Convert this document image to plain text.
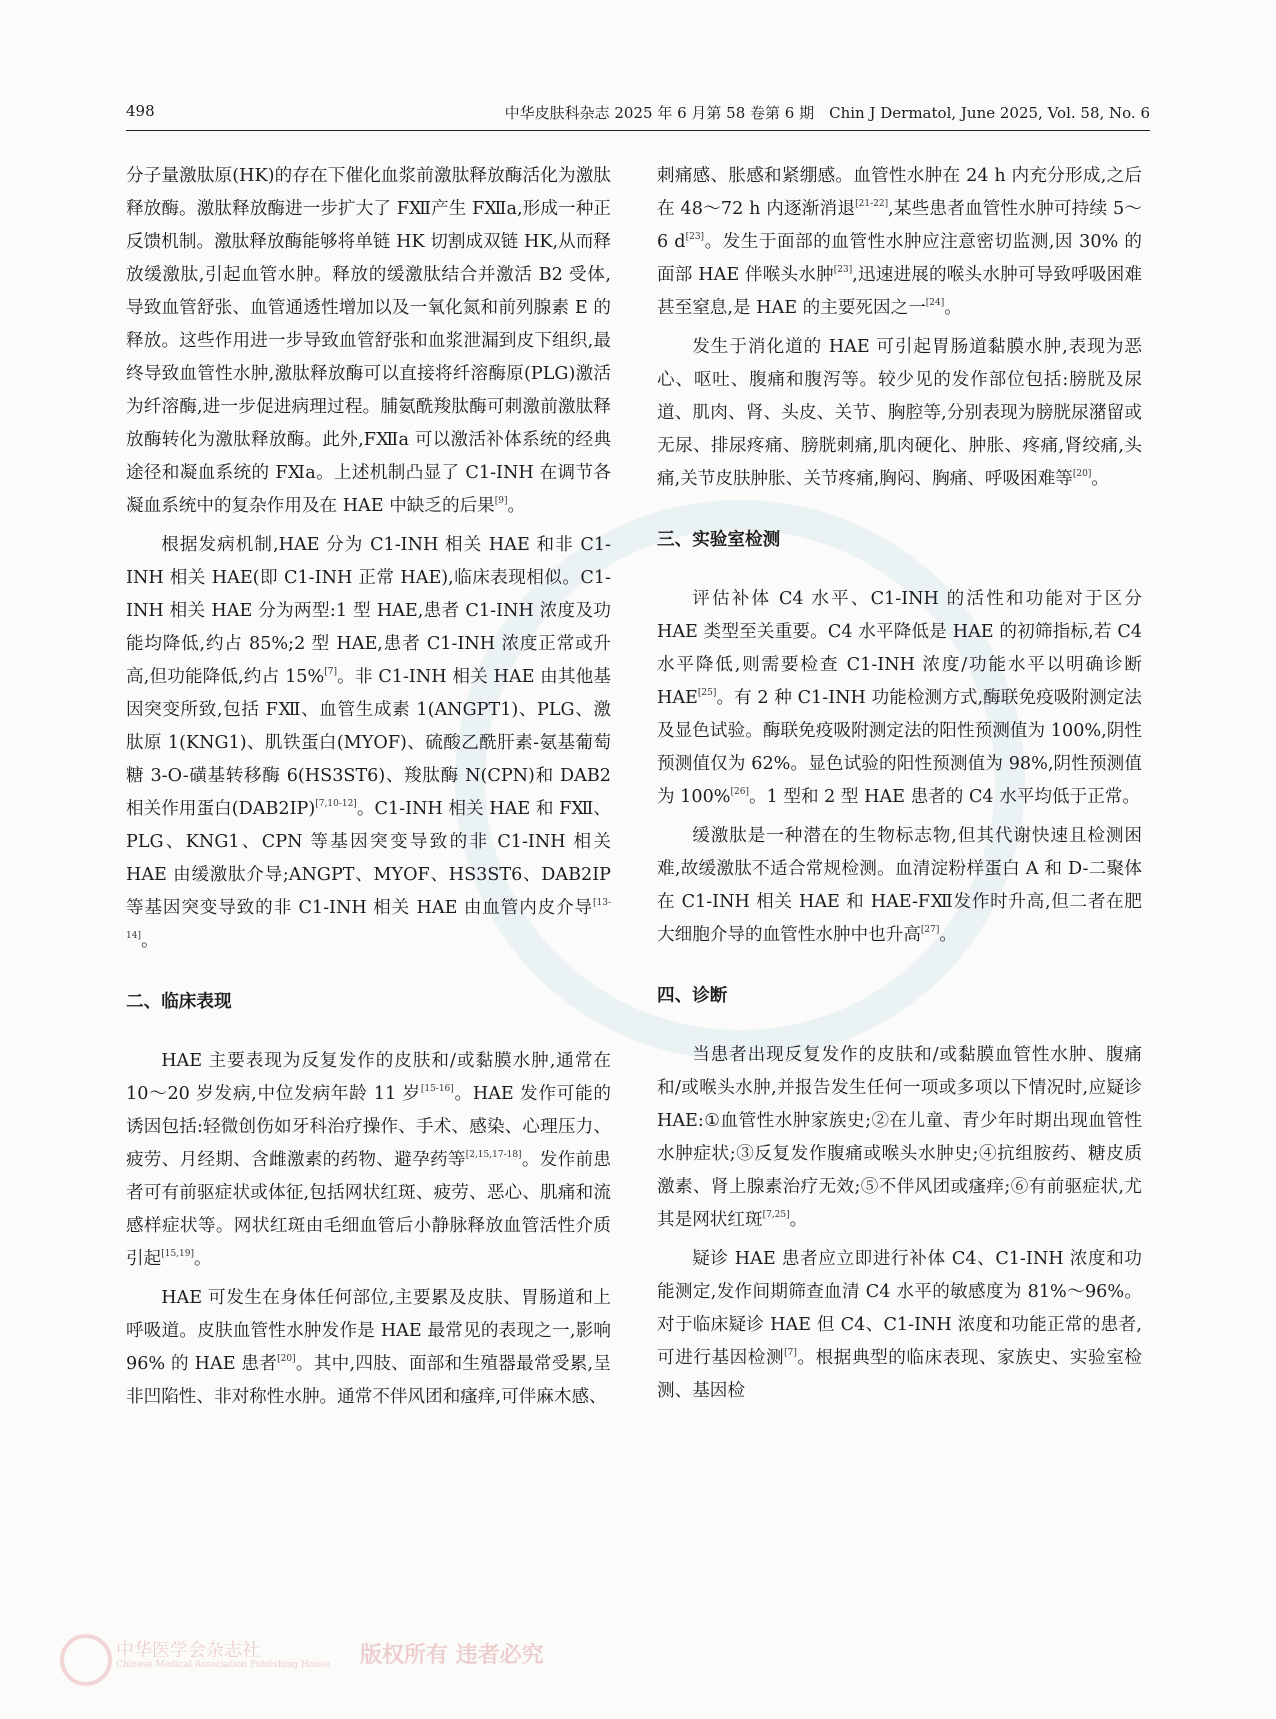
498	中华皮肤科杂志 2025 年 6 月第 58 卷第 6 期　Chin J Dermatol, June 2025, Vol. 58, No. 6

分子量激肽原(HK)的存在下催化血浆前激肽释放酶活化为激肽释放酶。激肽释放酶进一步扩大了 FⅫ产生 FⅫa,形成一种正反馈机制。激肽释放酶能够将单链 HK 切割成双链 HK,从而释放缓激肽,引起血管水肿。释放的缓激肽结合并激活 B2 受体,导致血管舒张、血管通透性增加以及一氧化氮和前列腺素 E 的释放。这些作用进一步导致血管舒张和血浆泄漏到皮下组织,最终导致血管性水肿,激肽释放酶可以直接将纤溶酶原(PLG)激活为纤溶酶,进一步促进病理过程。脯氨酰羧肽酶可刺激前激肽释放酶转化为激肽释放酶。此外,FⅫa 可以激活补体系统的经典途径和凝血系统的 FⅪa。上述机制凸显了 C1-INH 在调节各凝血系统中的复杂作用及在 HAE 中缺乏的后果[9]。

根据发病机制,HAE 分为 C1-INH 相关 HAE 和非 C1-INH 相关 HAE(即 C1-INH 正常 HAE),临床表现相似。C1-INH 相关 HAE 分为两型:1 型 HAE,患者 C1-INH 浓度及功能均降低,约占 85%;2 型 HAE,患者 C1-INH 浓度正常或升高,但功能降低,约占 15%[7]。非 C1-INH 相关 HAE 由其他基因突变所致,包括 FⅫ、血管生成素 1(ANGPT1)、PLG、激肽原 1(KNG1)、肌铁蛋白(MYOF)、硫酸乙酰肝素-氨基葡萄糖 3-O-磺基转移酶 6(HS3ST6)、羧肽酶 N(CPN)和 DAB2 相关作用蛋白(DAB2IP)[7,10-12]。C1-INH 相关 HAE 和 FⅫ、PLG、KNG1、CPN 等基因突变导致的非 C1-INH 相关 HAE 由缓激肽介导;ANGPT、MYOF、HS3ST6、DAB2IP 等基因突变导致的非 C1-INH 相关 HAE 由血管内皮介导[13-14]。

二、临床表现

HAE 主要表现为反复发作的皮肤和/或黏膜水肿,通常在 10～20 岁发病,中位发病年龄 11 岁[15-16]。HAE 发作可能的诱因包括:轻微创伤如牙科治疗操作、手术、感染、心理压力、疲劳、月经期、含雌激素的药物、避孕药等[2,15,17-18]。发作前患者可有前驱症状或体征,包括网状红斑、疲劳、恶心、肌痛和流感样症状等。网状红斑由毛细血管后小静脉释放血管活性介质引起[15,19]。

HAE 可发生在身体任何部位,主要累及皮肤、胃肠道和上呼吸道。皮肤血管性水肿发作是 HAE 最常见的表现之一,影响 96% 的 HAE 患者[20]。其中,四肢、面部和生殖器最常受累,呈非凹陷性、非对称性水肿。通常不伴风团和瘙痒,可伴麻木感、

刺痛感、胀感和紧绷感。血管性水肿在 24 h 内充分形成,之后在 48～72 h 内逐渐消退[21-22],某些患者血管性水肿可持续 5～6 d[23]。发生于面部的血管性水肿应注意密切监测,因 30% 的面部 HAE 伴喉头水肿[23],迅速进展的喉头水肿可导致呼吸困难甚至窒息,是 HAE 的主要死因之一[24]。

发生于消化道的 HAE 可引起胃肠道黏膜水肿,表现为恶心、呕吐、腹痛和腹泻等。较少见的发作部位包括:膀胱及尿道、肌肉、肾、头皮、关节、胸腔等,分别表现为膀胱尿潴留或无尿、排尿疼痛、膀胱刺痛,肌肉硬化、肿胀、疼痛,肾绞痛,头痛,关节皮肤肿胀、关节疼痛,胸闷、胸痛、呼吸困难等[20]。

三、实验室检测

评估补体 C4 水平、C1-INH 的活性和功能对于区分 HAE 类型至关重要。C4 水平降低是 HAE 的初筛指标,若 C4 水平降低,则需要检查 C1-INH 浓度/功能水平以明确诊断 HAE[25]。有 2 种 C1-INH 功能检测方式,酶联免疫吸附测定法及显色试验。酶联免疫吸附测定法的阳性预测值为 100%,阴性预测值仅为 62%。显色试验的阳性预测值为 98%,阴性预测值为 100%[26]。1 型和 2 型 HAE 患者的 C4 水平均低于正常。

缓激肽是一种潜在的生物标志物,但其代谢快速且检测困难,故缓激肽不适合常规检测。血清淀粉样蛋白 A 和 D-二聚体在 C1-INH 相关 HAE 和 HAE-FⅫ发作时升高,但二者在肥大细胞介导的血管性水肿中也升高[27]。

四、诊断

当患者出现反复发作的皮肤和/或黏膜血管性水肿、腹痛和/或喉头水肿,并报告发生任何一项或多项以下情况时,应疑诊 HAE:①血管性水肿家族史;②在儿童、青少年时期出现血管性水肿症状;③反复发作腹痛或喉头水肿史;④抗组胺药、糖皮质激素、肾上腺素治疗无效;⑤不伴风团或瘙痒;⑥有前驱症状,尤其是网状红斑[7,25]。

疑诊 HAE 患者应立即进行补体 C4、C1-INH 浓度和功能测定,发作间期筛查血清 C4 水平的敏感度为 81%～96%。对于临床疑诊 HAE 但 C4、C1-INH 浓度和功能正常的患者,可进行基因检测[7]。根据典型的临床表现、家族史、实验室检测、基因检

中华医学会杂志社
Chinese Medical Association Publishing House 版权所有 违者必究
